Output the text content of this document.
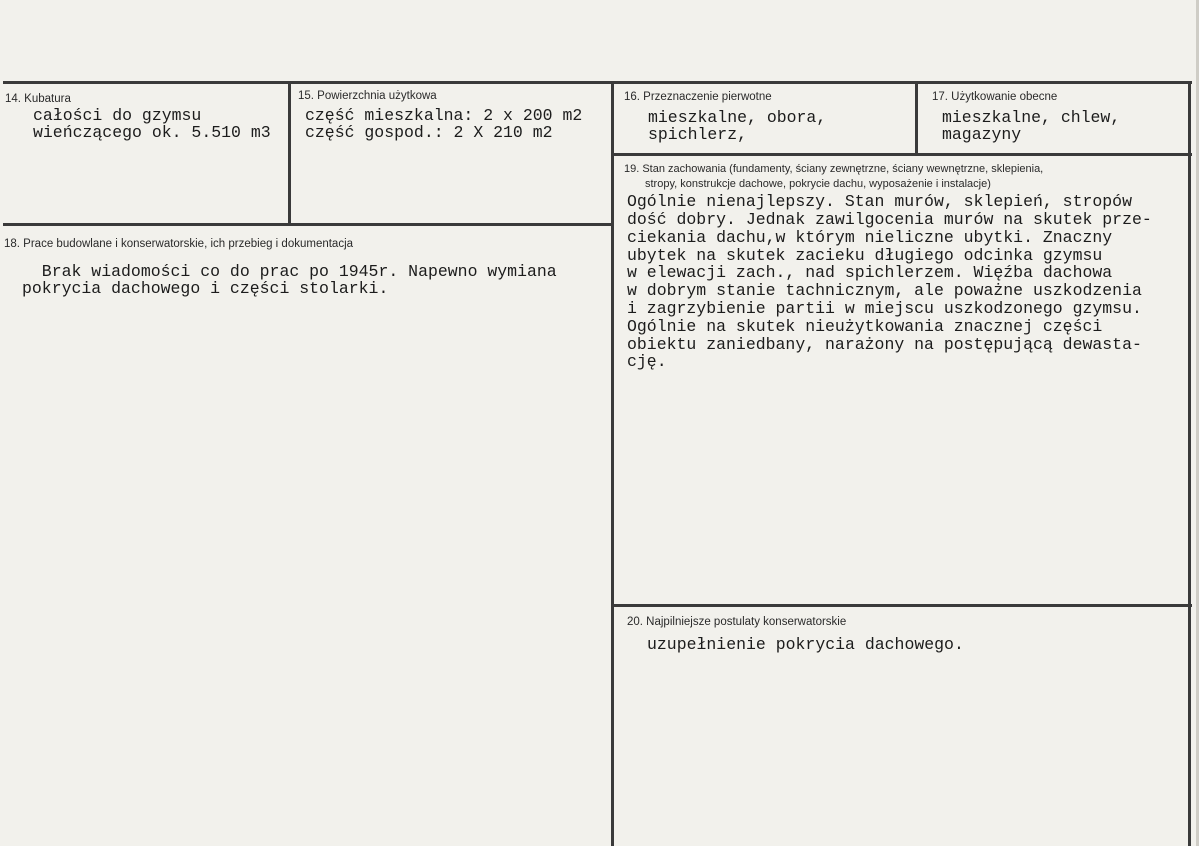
14. Kubatura
całości do gzymsu
wieńczącego ok. 5.510 m3
15. Powierzchnia użytkowa
część mieszkalna: 2 x 200 m2
część gospod.: 2 X 210 m2
16. Przeznaczenie pierwotne
mieszkalne, obora,
spichlerz,
17. Użytkowanie obecne
mieszkalne, chlew,
magazyny
18. Prace budowlane i konserwatorskie, ich przebieg i dokumentacja
Brak wiadomości co do prac po 1945r. Napewno wymiana
pokrycia dachowego i części stolarki.
19. Stan zachowania (fundamenty, ściany zewnętrzne, ściany wewnętrzne, sklepienia,
stropy, konstrukcje dachowe, pokrycie dachu, wyposażenie i instalacje)
Ogólnie nienajlepszy. Stan murów, sklepień, stropów
dość dobry. Jednak zawilgocenia murów na skutek prze-
ciekania dachu,w którym nieliczne ubytki. Znaczny
ubytek na skutek zacieku długiego odcinka gzymsu
w elewacji zach., nad spichlerzem. Więźba dachowa
w dobrym stanie tachnicznym, ale poważne uszkodzenia
i zagrzybienie partii w miejscu uszkodzonego gzymsu.
Ogólnie na skutek nieużytkowania znacznej części
obiektu zaniedbany, narażony na postępującą dewasta-
cję.
20. Najpilniejsze postulaty konserwatorskie
uzupełnienie pokrycia dachowego.
